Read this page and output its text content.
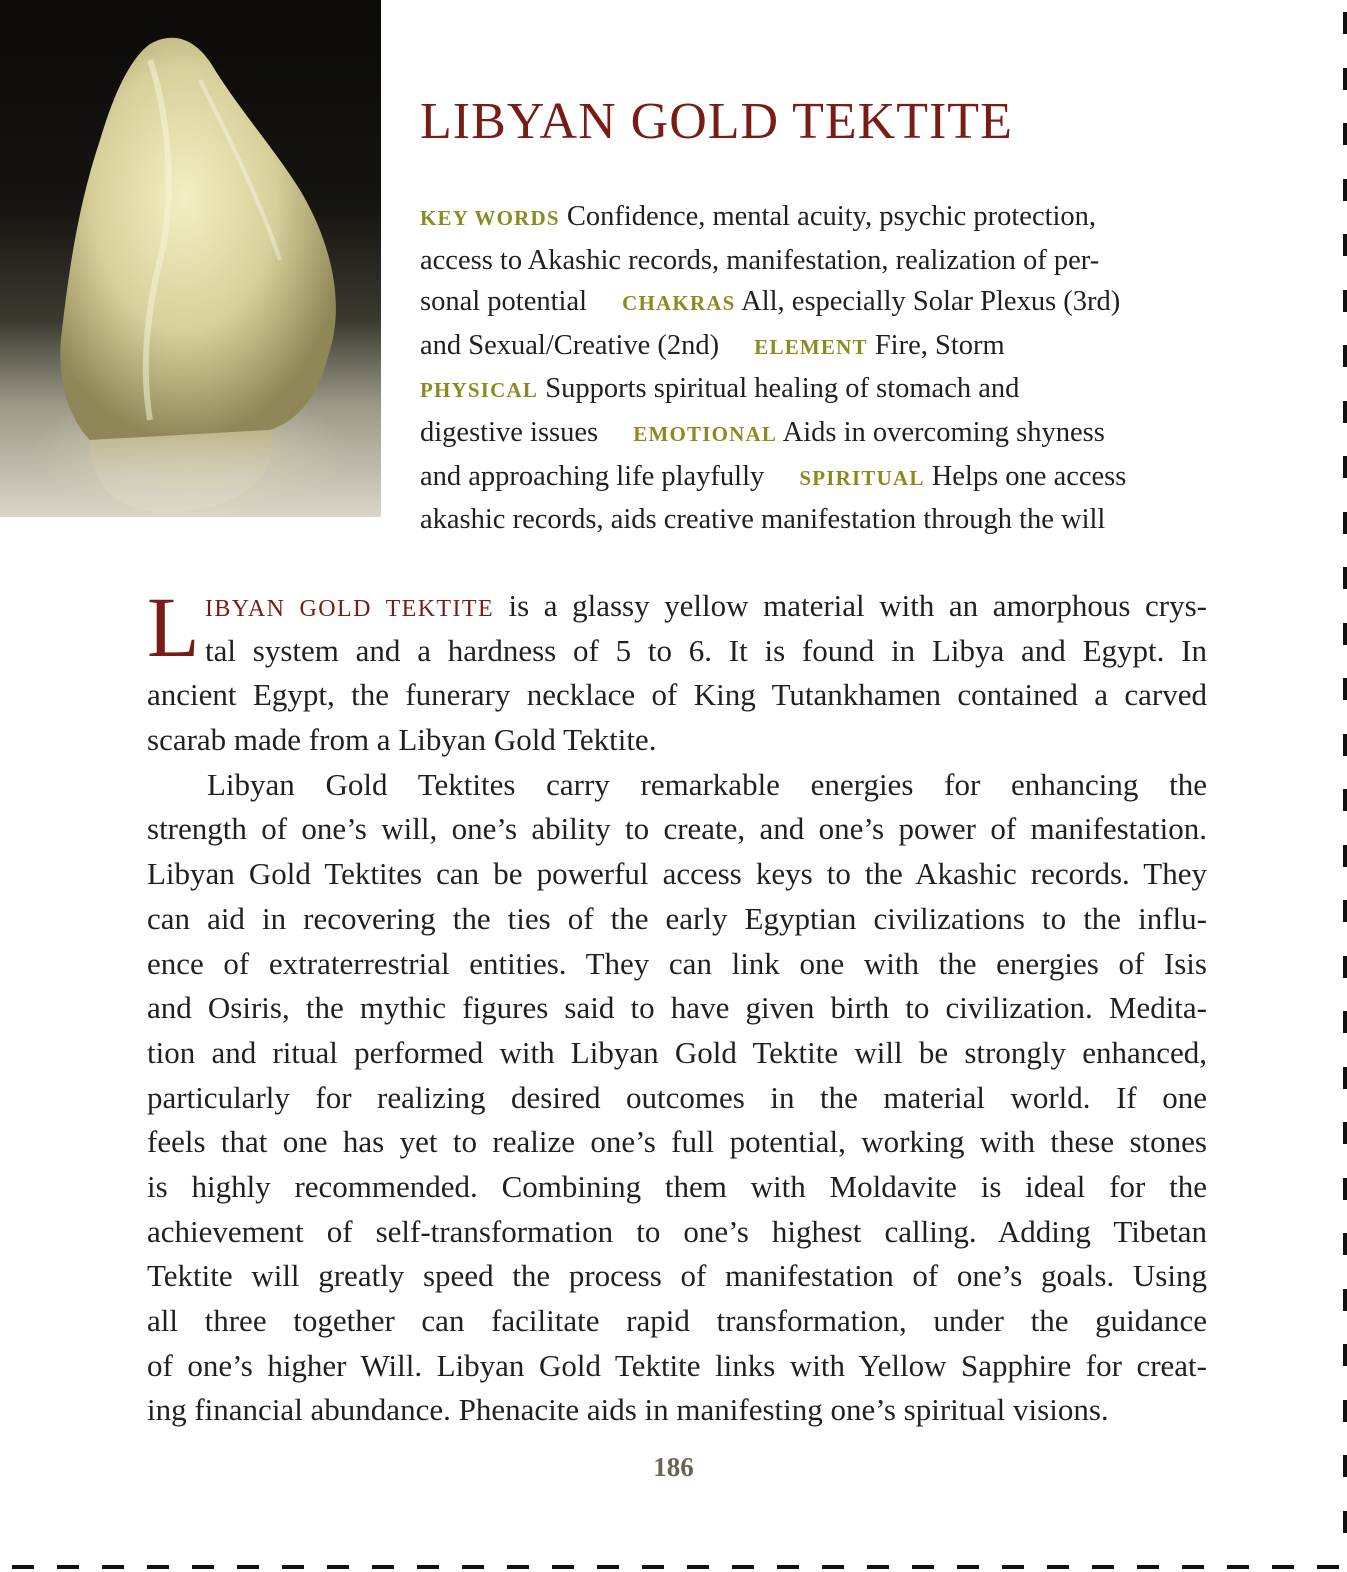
LIBYAN GOLD TEKTITE
KEY WORDS Confidence, mental acuity, psychic protection,
access to Akashic records, manifestation, realization of per-
sonal potential CHAKRAS All, especially Solar Plexus (3rd)
and Sexual/Creative (2nd) ELEMENT Fire, Storm
PHYSICAL Supports spiritual healing of stomach and
digestive issues EMOTIONAL Aids in overcoming shyness
and approaching life playfully SPIRITUAL Helps one access
akashic records, aids creative manifestation through the will
L IBYAN GOLD TEKTITE is a glassy yellow material with an amorphous crys-
tal system and a hardness of 5 to 6. It is found in Libya and Egypt. In
ancient Egypt, the funerary necklace of King Tutankhamen contained a carved
scarab made from a Libyan Gold Tektite.
Libyan Gold Tektites carry remarkable energies for enhancing the
strength of one’s will, one’s ability to create, and one’s power of manifestation.
Libyan Gold Tektites can be powerful access keys to the Akashic records. They
can aid in recovering the ties of the early Egyptian civilizations to the influ-
ence of extraterrestrial entities. They can link one with the energies of Isis
and Osiris, the mythic figures said to have given birth to civilization. Medita-
tion and ritual performed with Libyan Gold Tektite will be strongly enhanced,
particularly for realizing desired outcomes in the material world. If one
feels that one has yet to realize one’s full potential, working with these stones
is highly recommended. Combining them with Moldavite is ideal for the
achievement of self-transformation to one’s highest calling. Adding Tibetan
Tektite will greatly speed the process of manifestation of one’s goals. Using
all three together can facilitate rapid transformation, under the guidance
of one’s higher Will. Libyan Gold Tektite links with Yellow Sapphire for creat-
ing financial abundance. Phenacite aids in manifesting one’s spiritual visions.
186
